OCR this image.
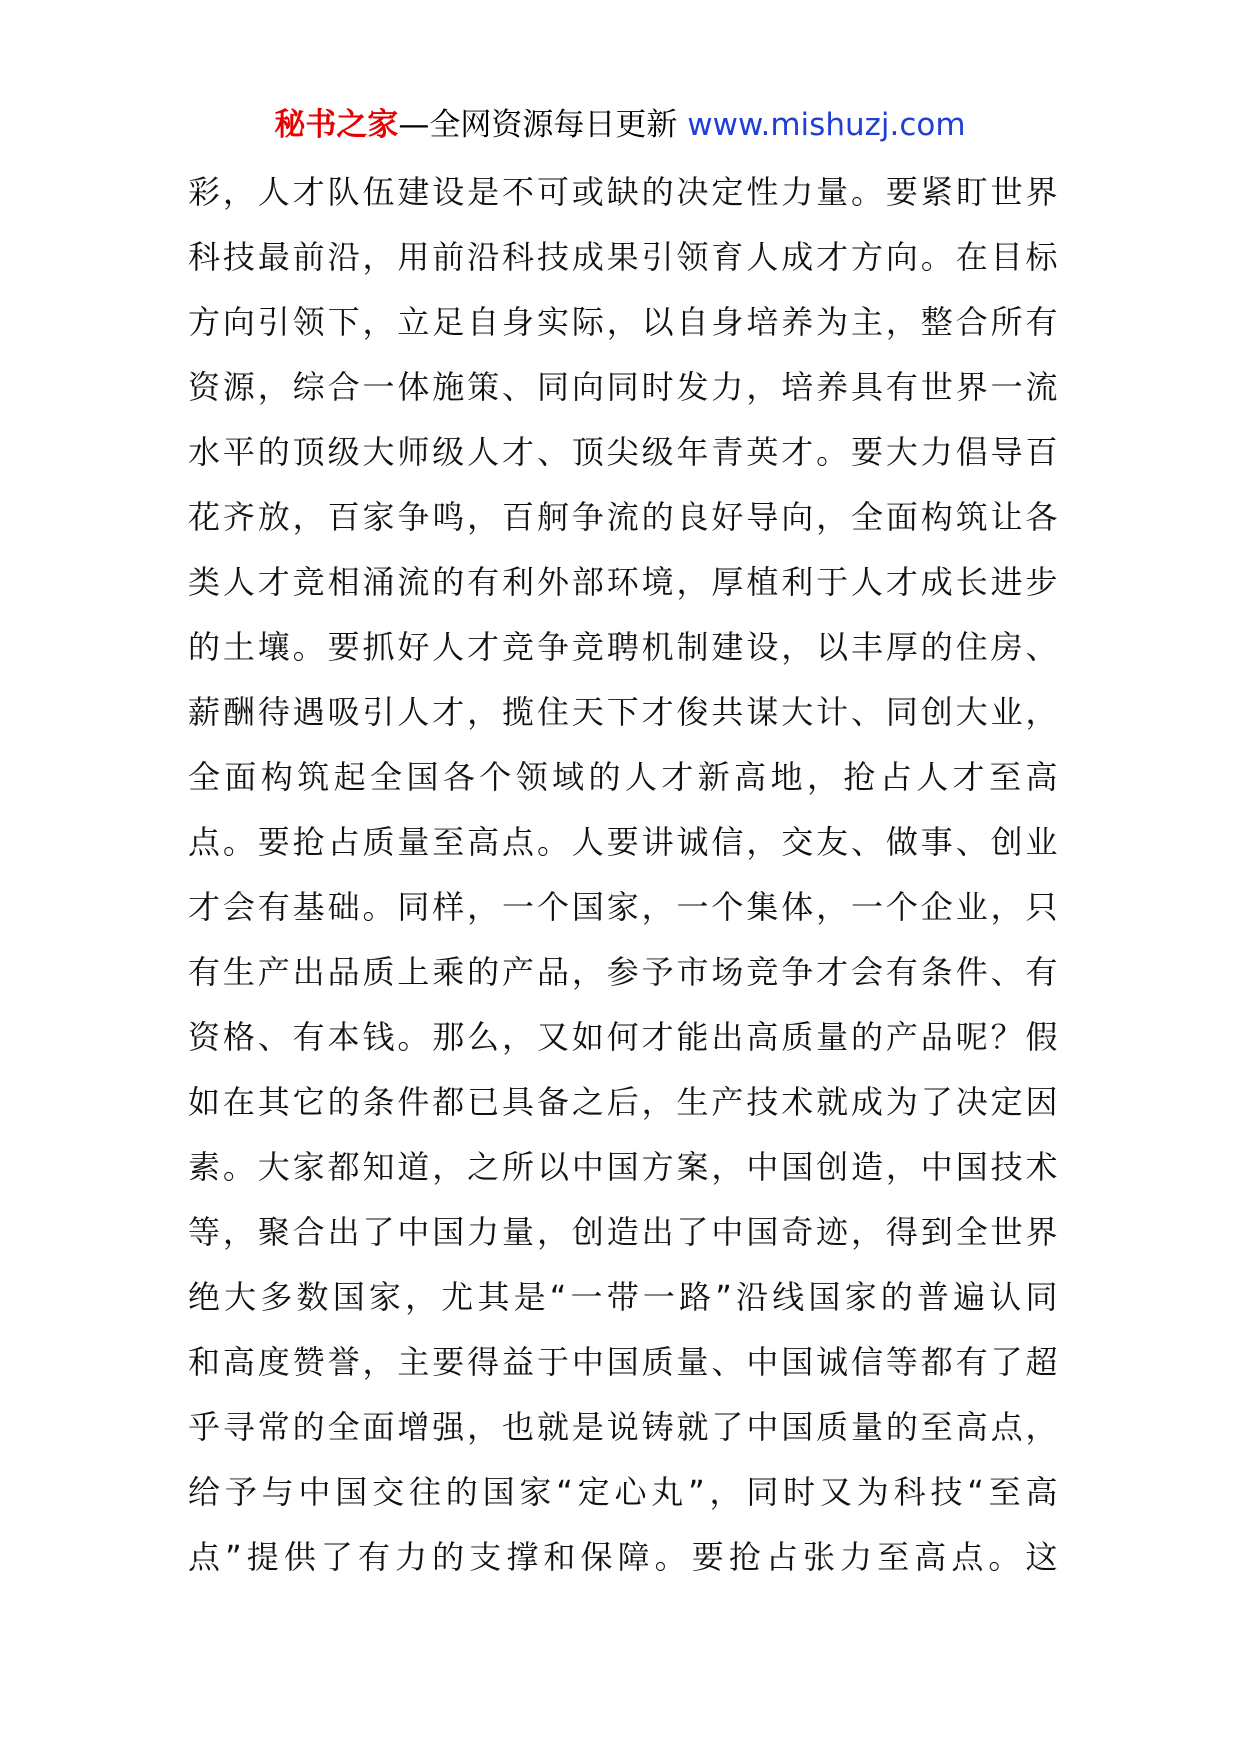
秘书之家—全网资源每日更新 www.mishuzj.com
彩，人才队伍建设是不可或缺的决定性力量。要紧盯世界
科技最前沿，用前沿科技成果引领育人成才方向。在目标
方向引领下，立足自身实际，以自身培养为主，整合所有
资源，综合一体施策、同向同时发力，培养具有世界一流
水平的顶级大师级人才、顶尖级年青英才。要大力倡导百
花齐放，百家争鸣，百舸争流的良好导向，全面构筑让各
类人才竞相涌流的有利外部环境，厚植利于人才成长进步
的土壤。要抓好人才竞争竞聘机制建设，以丰厚的住房、
薪酬待遇吸引人才，揽住天下才俊共谋大计、同创大业，
全面构筑起全国各个领域的人才新高地，抢占人才至高
点。要抢占质量至高点。人要讲诚信，交友、做事、创业
才会有基础。同样，一个国家，一个集体，一个企业，只
有生产出品质上乘的产品，参予市场竞争才会有条件、有
资格、有本钱。那么，又如何才能出高质量的产品呢？假
如在其它的条件都已具备之后，生产技术就成为了决定因
素。大家都知道，之所以中国方案，中国创造，中国技术
等，聚合出了中国力量，创造出了中国奇迹，得到全世界
绝大多数国家，尤其是“一带一路”沿线国家的普遍认同
和高度赞誉，主要得益于中国质量、中国诚信等都有了超
乎寻常的全面增强，也就是说铸就了中国质量的至高点，
给予与中国交往的国家“定心丸”，同时又为科技“至高
点”提供了有力的支撑和保障。要抢占张力至高点。这
